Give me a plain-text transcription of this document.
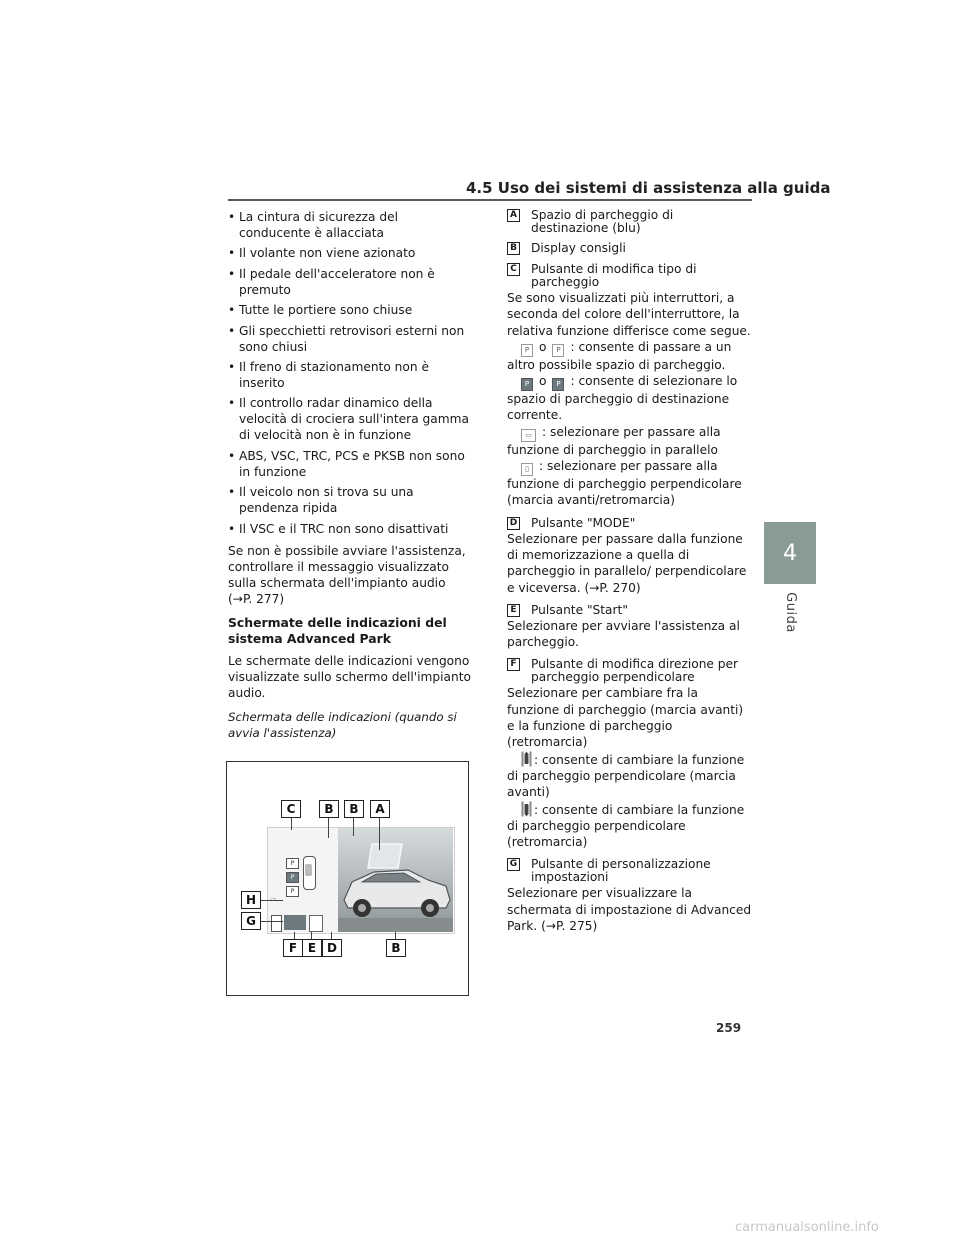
4.5 Uso dei sistemi di assistenza alla guida
4
Guida
• La cintura di sicurezza del conducente è allacciata
• Il volante non viene azionato
• Il pedale dell'acceleratore non è premuto
• Tutte le portiere sono chiuse
• Gli specchietti retrovisori esterni non sono chiusi
• Il freno di stazionamento non è inserito
• Il controllo radar dinamico della velocità di crociera sull'intera gamma di velocità non è in funzione
• ABS, VSC, TRC, PCS e PKSB non sono in funzione
• Il veicolo non si trova su una pendenza ripida
• Il VSC e il TRC non sono disattivati

Se non è possibile avviare l'assistenza, controllare il messaggio visualizzato sulla schermata dell'impianto audio (→P. 277)

Schermate delle indicazioni del sistema Advanced Park

Le schermate delle indicazioni vengono visualizzate sullo schermo dell'impianto audio.

Schermata delle indicazioni (quando si avvia l'assistenza)

P
P
P
C	B	B	A
H
G
F E D	B
A Spazio di parcheggio di destinazione (blu)
B Display consigli
C Pulsante di modifica tipo di parcheggio
Se sono visualizzati più interruttori, a seconda del colore dell'interruttore, la relativa funzione differisce come segue.
P o P : consente di passare a un altro possibile spazio di parcheggio.
P o P : consente di selezionare lo spazio di parcheggio di destinazione corrente.
▭ : selezionare per passare alla funzione di parcheggio in parallelo
▯ : selezionare per passare alla funzione di parcheggio perpendicolare (marcia avanti/retromarcia)
D Pulsante "MODE"
Selezionare per passare dalla funzione di memorizzazione a quella di parcheggio in parallelo/ perpendicolare e viceversa. (→P. 270)
E Pulsante "Start"
Selezionare per avviare l'assistenza al parcheggio.
F Pulsante di modifica direzione per parcheggio perpendicolare
Selezionare per cambiare fra la funzione di parcheggio (marcia avanti) e la funzione di parcheggio (retromarcia)
: consente di cambiare la funzione di parcheggio perpendicolare (marcia avanti)
: consente di cambiare la funzione di parcheggio perpendicolare (retromarcia)
G Pulsante di personalizzazione impostazioni
Selezionare per visualizzare la schermata di impostazione di Advanced Park. (→P. 275)
259
carmanualsonline.info
